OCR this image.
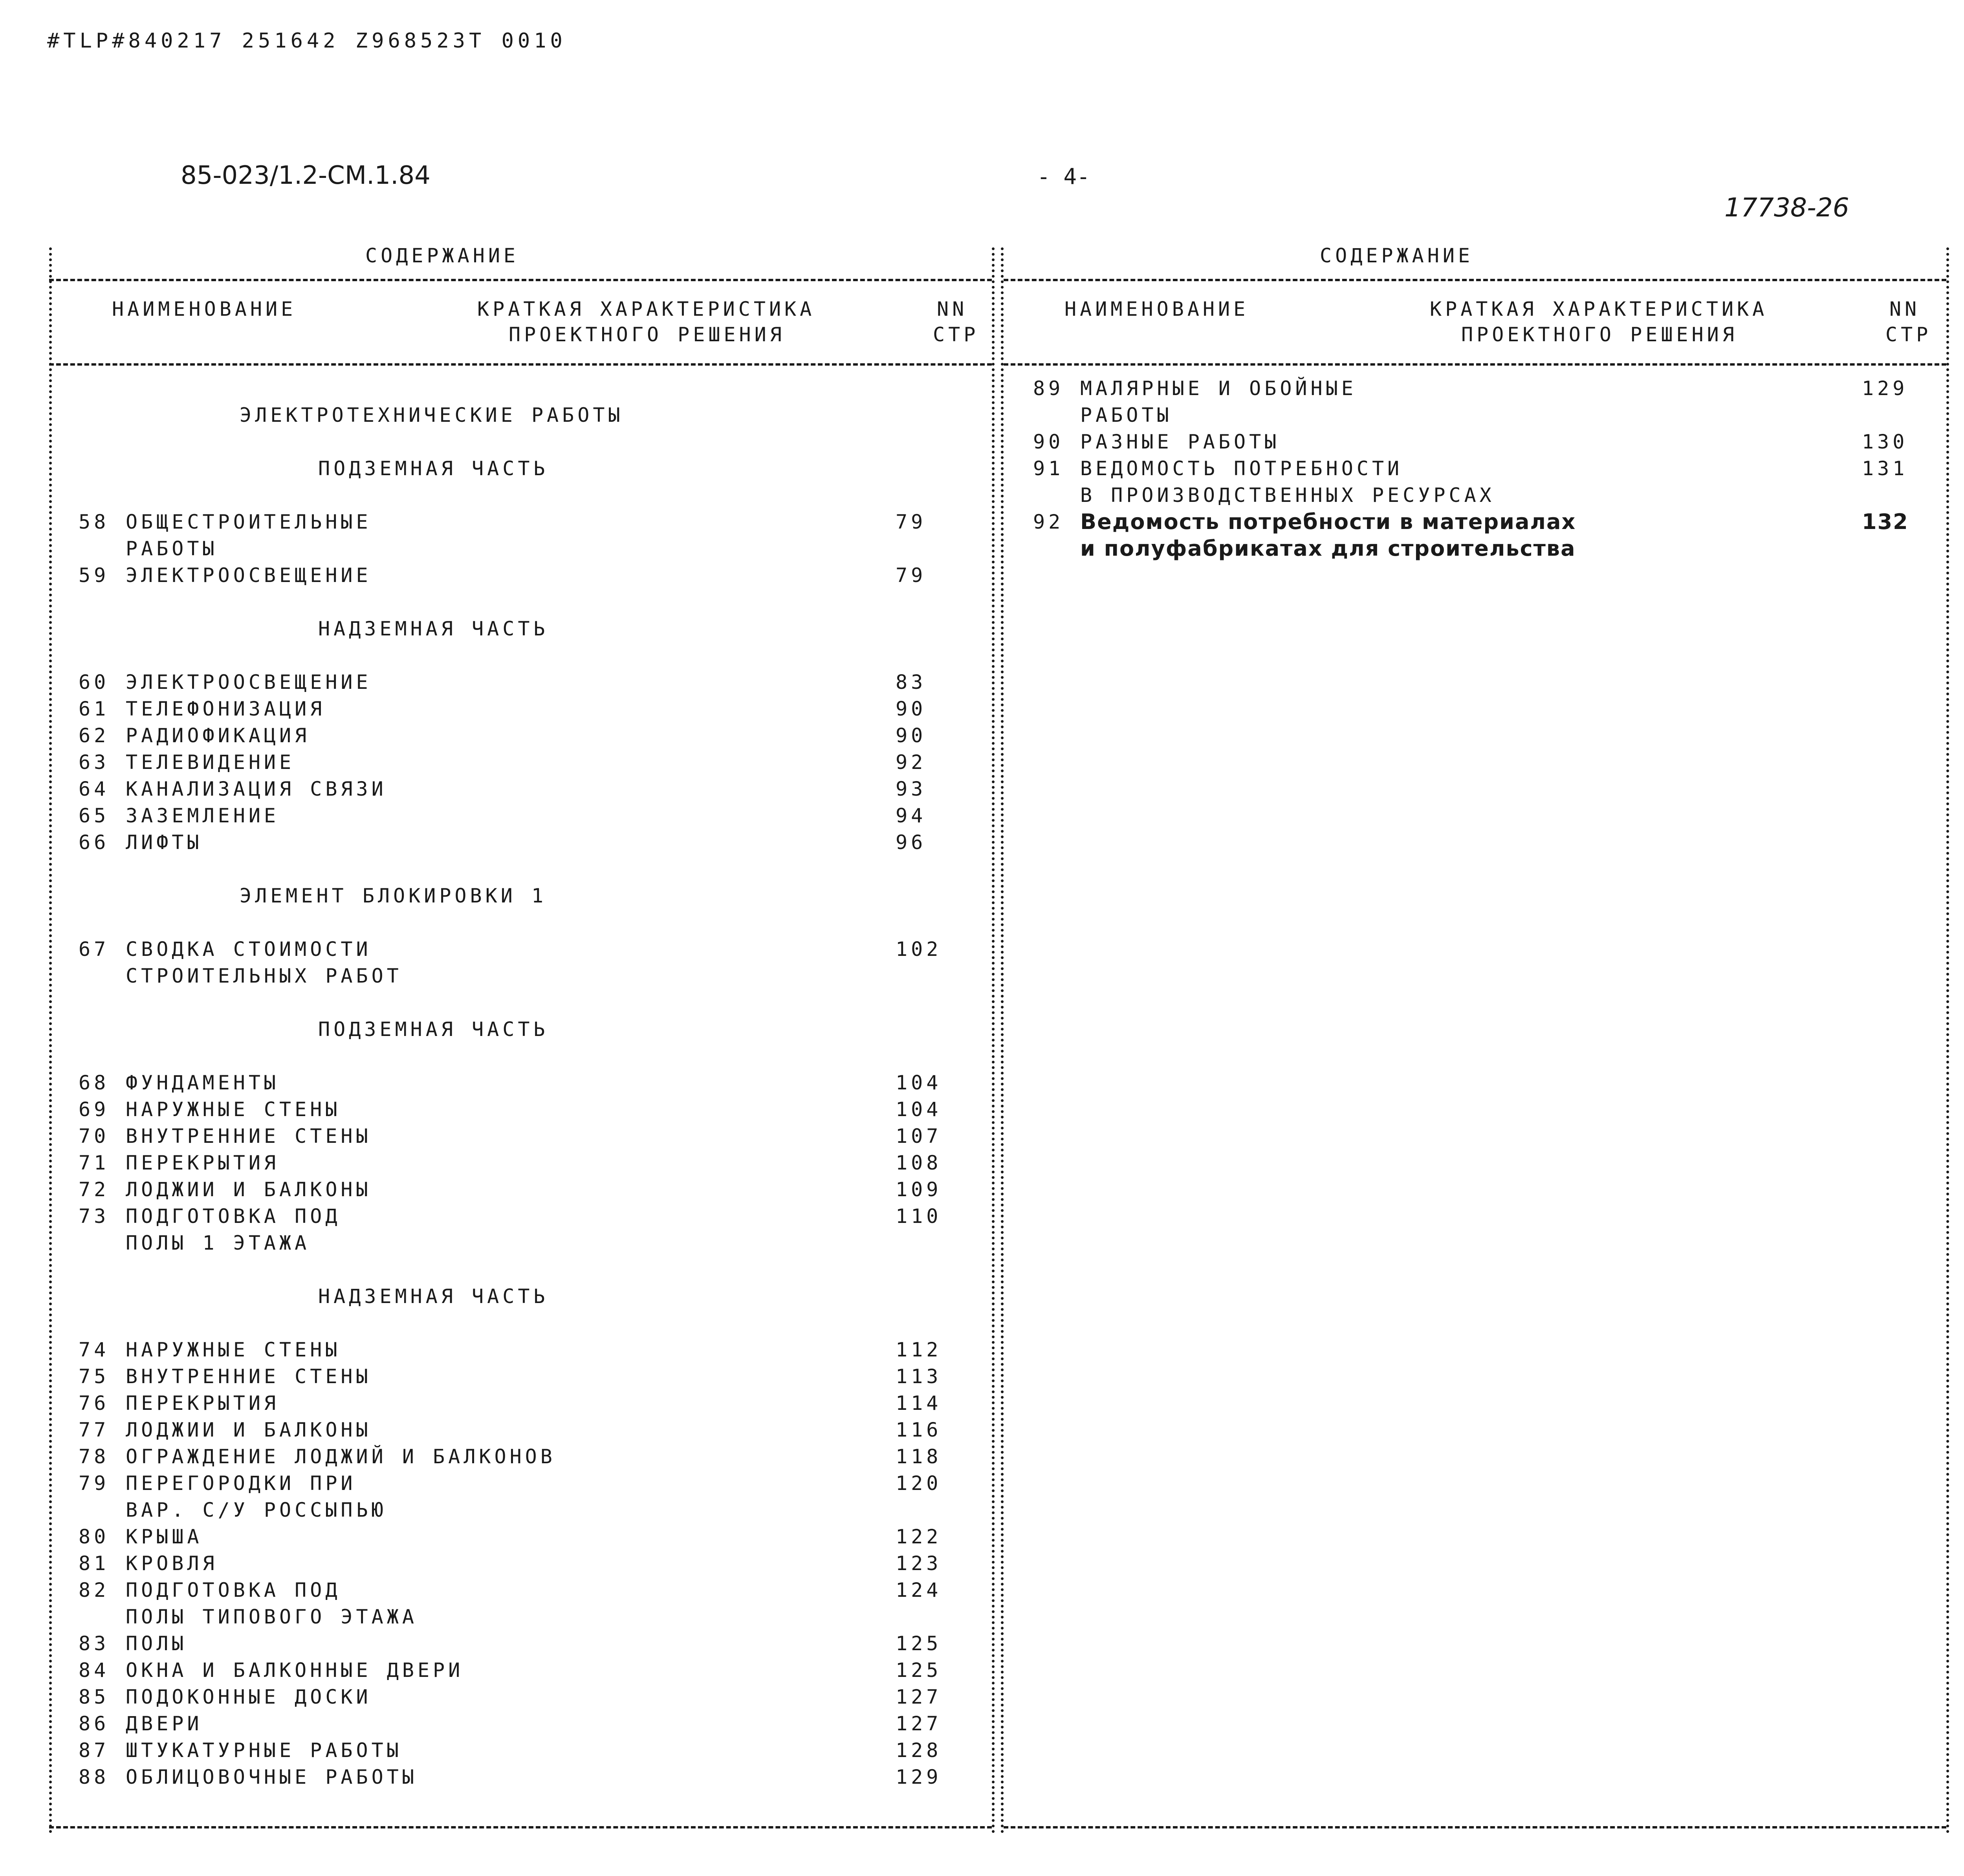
#TLP#840217 251642 Z968523T 0010
85-023/1.2-CM.1.84	- 4-
17738-26
СОДЕРЖАНИЕ
НАИМЕНОВАНИЕ	КРАТКАЯ ХАРАКТЕРИСТИКА
ПРОЕКТНОГО РЕШЕНИЯ
NN
СТР
СОДЕРЖАНИЕ
НАИМЕНОВАНИЕ	КРАТКАЯ ХАРАКТЕРИСТИКА
ПРОЕКТНОГО РЕШЕНИЯ
NN
СТР
ЭЛЕКТРОТЕХНИЧЕСКИЕ РАБОТЫ
ПОДЗЕМНАЯ ЧАСТЬ
58 ОБЩЕСТРОИТЕЛЬНЫЕ	79
РАБОТЫ
59 ЭЛЕКТРООСВЕЩЕНИЕ	79
НАДЗЕМНАЯ ЧАСТЬ
60 ЭЛЕКТРООСВЕЩЕНИЕ	83
61 ТЕЛЕФОНИЗАЦИЯ	90
62 РАДИОФИКАЦИЯ	90
63 ТЕЛЕВИДЕНИЕ	92
64 КАНАЛИЗАЦИЯ СВЯЗИ	93
65 ЗАЗЕМЛЕНИЕ	94
66 ЛИФТЫ	96
ЭЛЕМЕНТ БЛОКИРОВКИ 1
67 СВОДКА СТОИМОСТИ	102
СТРОИТЕЛЬНЫХ РАБОТ
ПОДЗЕМНАЯ ЧАСТЬ
68 ФУНДАМЕНТЫ	104
69 НАРУЖНЫЕ СТЕНЫ	104
70 ВНУТРЕННИЕ СТЕНЫ	107
71 ПЕРЕКРЫТИЯ	108
72 ЛОДЖИИ И БАЛКОНЫ	109
73 ПОДГОТОВКА ПОД	110
ПОЛЫ 1 ЭТАЖА
НАДЗЕМНАЯ ЧАСТЬ
74 НАРУЖНЫЕ СТЕНЫ	112
75 ВНУТРЕННИЕ СТЕНЫ	113
76 ПЕРЕКРЫТИЯ	114
77 ЛОДЖИИ И БАЛКОНЫ	116
78 ОГРАЖДЕНИЕ ЛОДЖИЙ И БАЛКОНОВ	118
79 ПЕРЕГОРОДКИ ПРИ	120
ВАР. С/У РОССЫПЬЮ
80 КРЫША	122
81 КРОВЛЯ	123
82 ПОДГОТОВКА ПОД	124
ПОЛЫ ТИПОВОГО ЭТАЖА
83 ПОЛЫ	125
84 ОКНА И БАЛКОННЫЕ ДВЕРИ	125
85 ПОДОКОННЫЕ ДОСКИ	127
86 ДВЕРИ	127
87 ШТУКАТУРНЫЕ РАБОТЫ	128
88 ОБЛИЦОВОЧНЫЕ РАБОТЫ	129
89 МАЛЯРНЫЕ И ОБОЙНЫЕ	129
РАБОТЫ
90 РАЗНЫЕ РАБОТЫ	130
91 ВЕДОМОСТЬ ПОТРЕБНОСТИ	131
В ПРОИЗВОДСТВЕННЫХ РЕСУРСАХ
92 Ведомость потребности в материалах	132
и полуфабрикатах для строительства
